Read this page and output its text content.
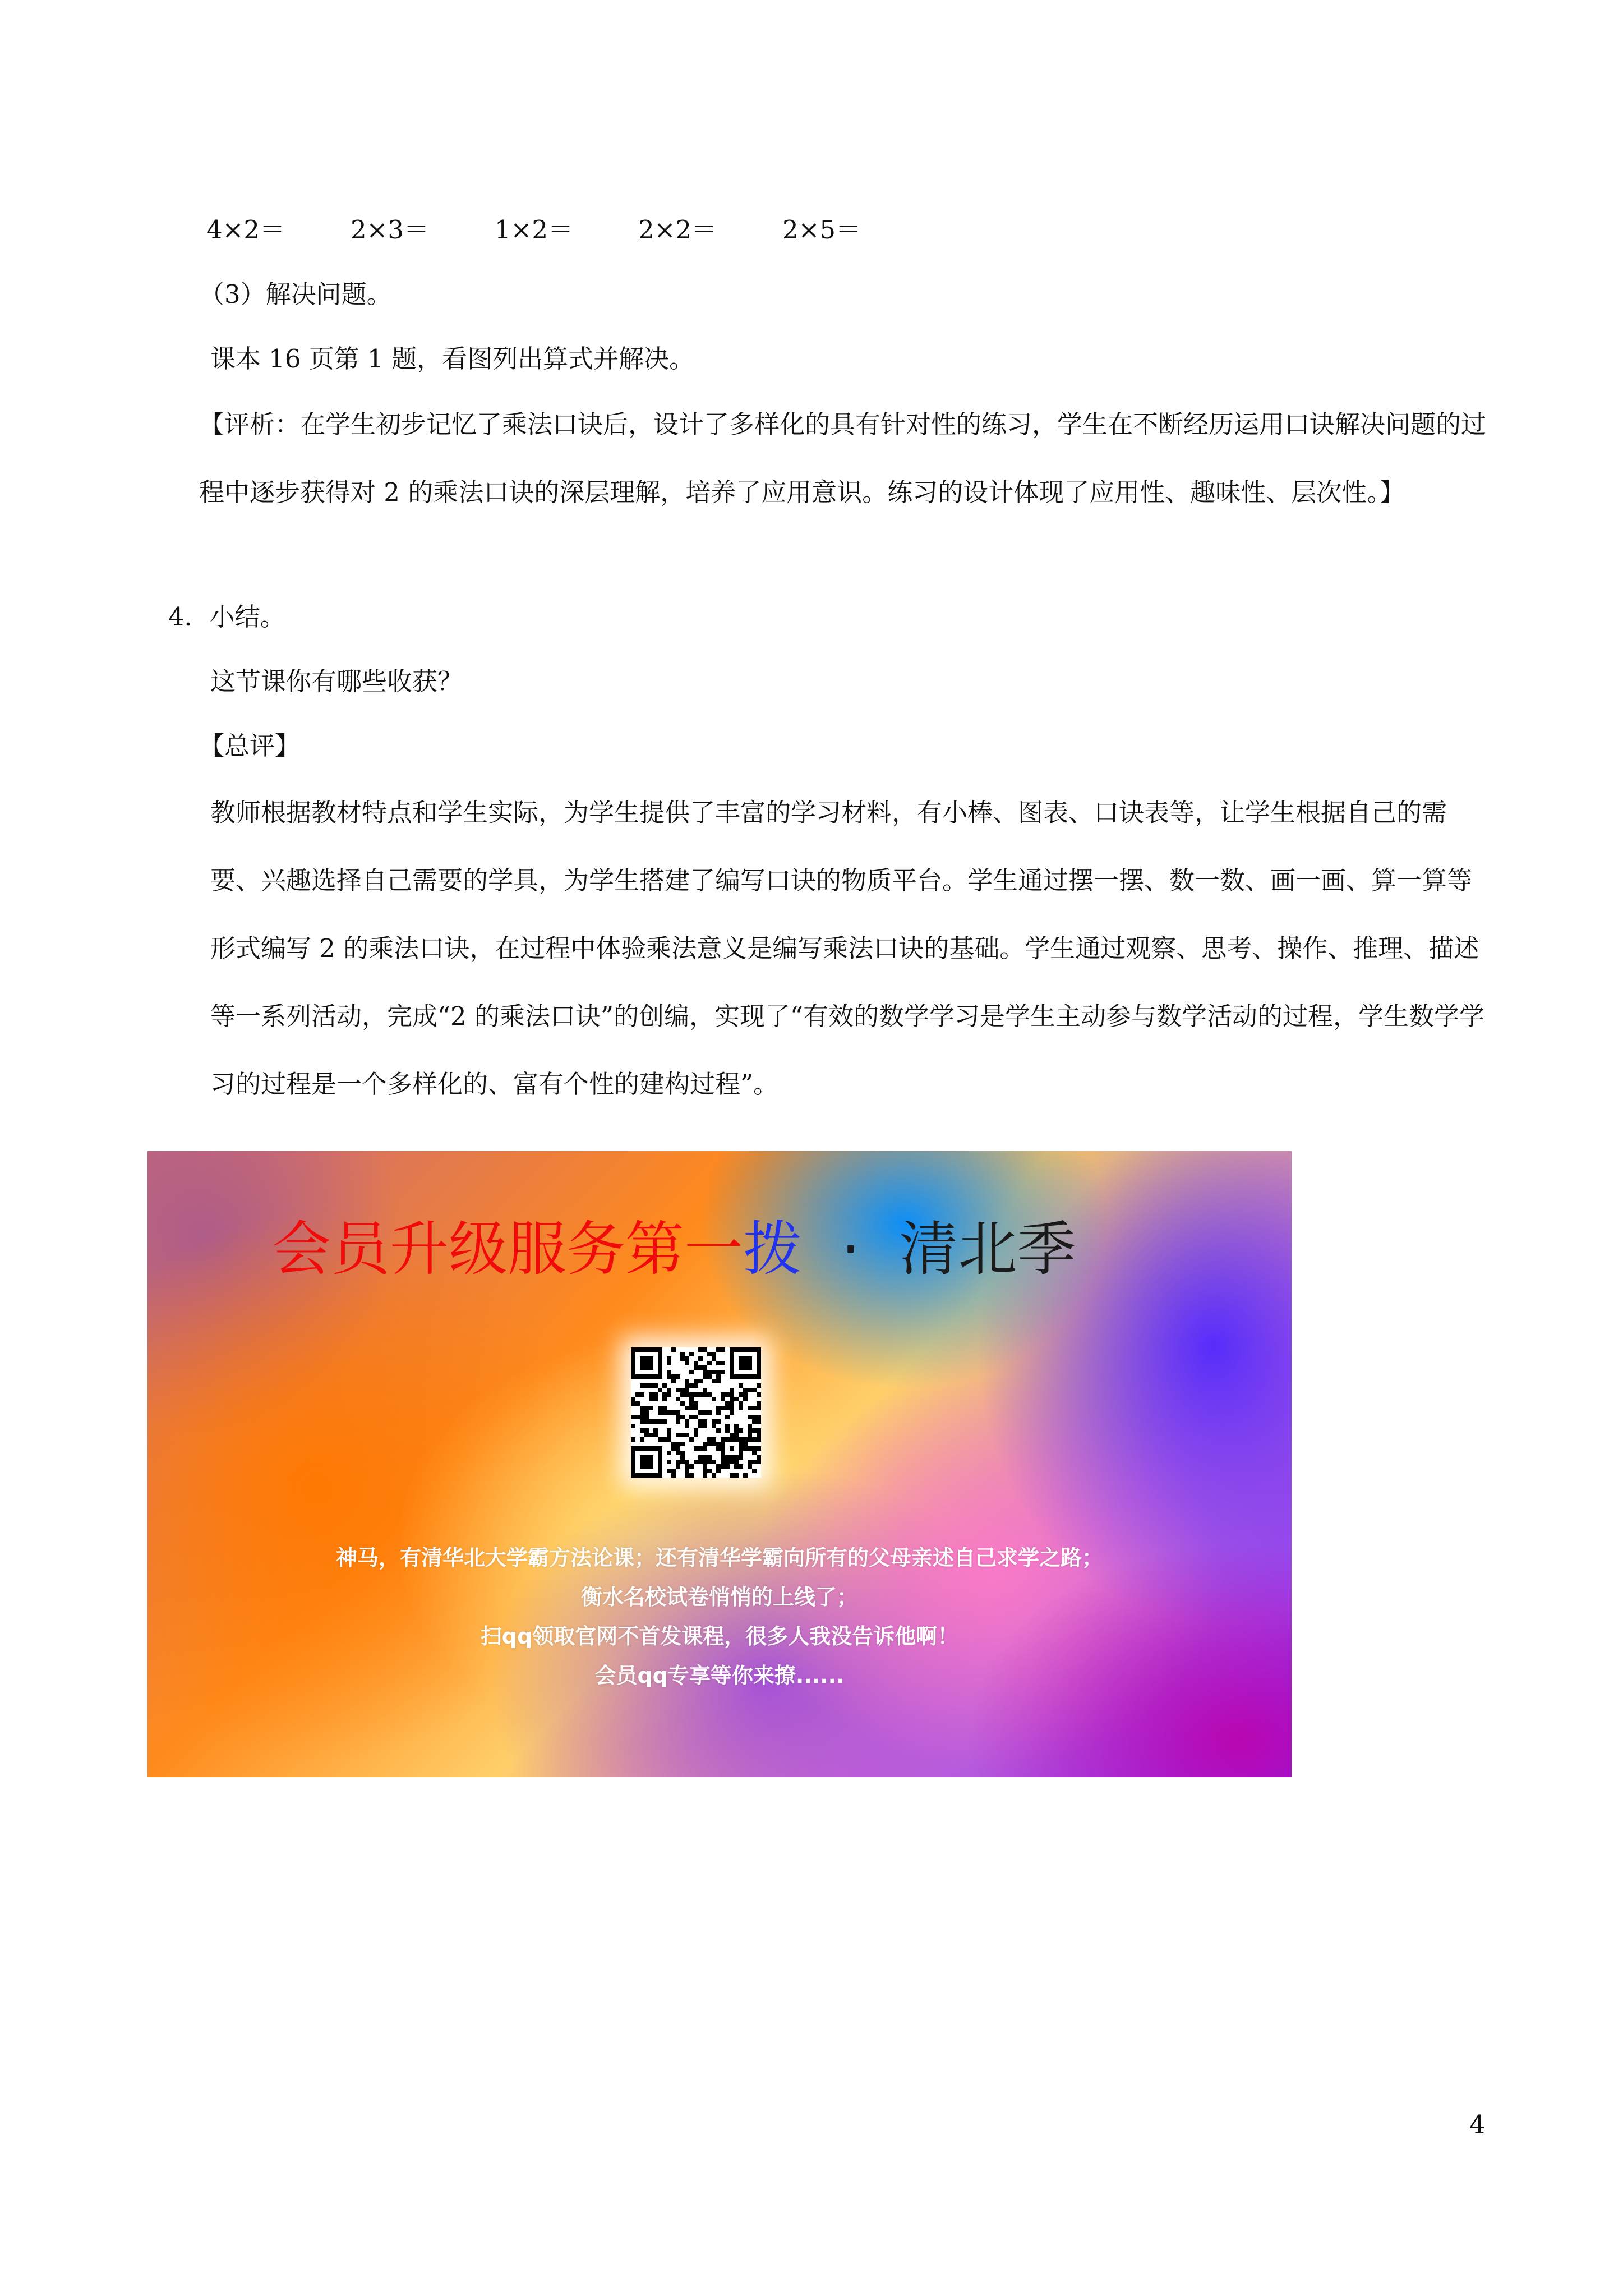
4×2＝	2×3＝	1×2＝	2×2＝	2×5＝
（3）解决问题。
课本 16 页第 1 题，看图列出算式并解决。
【评析：在学生初步记忆了乘法口诀后，设计了多样化的具有针对性的练习，学生在不断经历运用口诀解决问题的过程中逐步获得对 2 的乘法口诀的深层理解，培养了应用意识。练习的设计体现了应用性、趣味性、层次性。】
4．小结。
这节课你有哪些收获？
【总评】
教师根据教材特点和学生实际，为学生提供了丰富的学习材料，有小棒、图表、口诀表等，让学生根据自己的需要、兴趣选择自己需要的学具，为学生搭建了编写口诀的物质平台。学生通过摆一摆、数一数、画一画、算一算等形式编写 2 的乘法口诀，在过程中体验乘法意义是编写乘法口诀的基础。学生通过观察、思考、操作、推理、描述等一系列活动，完成“2 的乘法口诀”的创编，实现了“有效的数学学习是学生主动参与数学活动的过程，学生数学学习的过程是一个多样化的、富有个性的建构过程”。
会员升级服务第一拨 · 清北季
神马，有清华北大学霸方法论课；还有清华学霸向所有的父母亲述自己求学之路；
衡水名校试卷悄悄的上线了；
扫qq领取官网不首发课程，很多人我没告诉他啊！
会员qq专享等你来撩......
4
